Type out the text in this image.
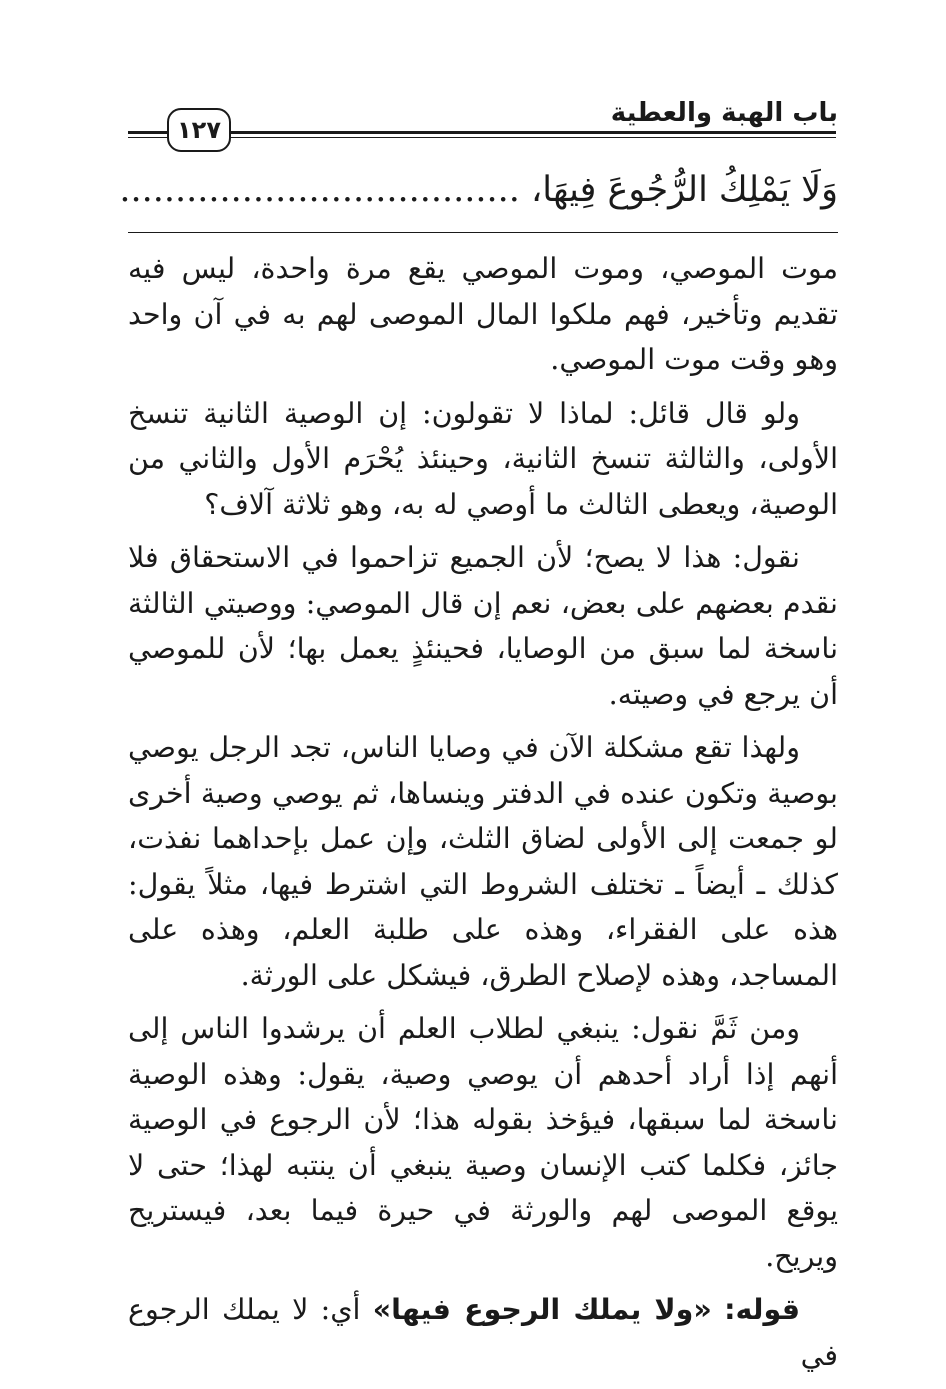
باب الهبة والعطية
١٢٧
وَلَا يَمْلِكُ الرُّجُوعَ فِيهَا، ....................................

موت الموصي، وموت الموصي يقع مرة واحدة، ليس فيه تقديم وتأخير، فهم ملكوا المال الموصى لهم به في آن واحد وهو وقت موت الموصي.

ولو قال قائل: لماذا لا تقولون: إن الوصية الثانية تنسخ الأولى، والثالثة تنسخ الثانية، وحينئذ يُحْرَم الأول والثاني من الوصية، ويعطى الثالث ما أوصي له به، وهو ثلاثة آلاف؟

نقول: هذا لا يصح؛ لأن الجميع تزاحموا في الاستحقاق فلا نقدم بعضهم على بعض، نعم إن قال الموصي: ووصيتي الثالثة ناسخة لما سبق من الوصايا، فحينئذٍ يعمل بها؛ لأن للموصي أن يرجع في وصيته.

ولهذا تقع مشكلة الآن في وصايا الناس، تجد الرجل يوصي بوصية وتكون عنده في الدفتر وينساها، ثم يوصي وصية أخرى لو جمعت إلى الأولى لضاق الثلث، وإن عمل بإحداهما نفذت، كذلك ـ أيضاً ـ تختلف الشروط التي اشترط فيها، مثلاً يقول: هذه على الفقراء، وهذه على طلبة العلم، وهذه على المساجد، وهذه لإصلاح الطرق، فيشكل على الورثة.

ومن ثَمَّ نقول: ينبغي لطلاب العلم أن يرشدوا الناس إلى أنهم إذا أراد أحدهم أن يوصي وصية، يقول: وهذه الوصية ناسخة لما سبقها، فيؤخذ بقوله هذا؛ لأن الرجوع في الوصية جائز، فكلما كتب الإنسان وصية ينبغي أن ينتبه لهذا؛ حتى لا يوقع الموصى لهم والورثة في حيرة فيما بعد، فيستريح ويريح.

قوله: «ولا يملك الرجوع فيها» أي: لا يملك الرجوع في
